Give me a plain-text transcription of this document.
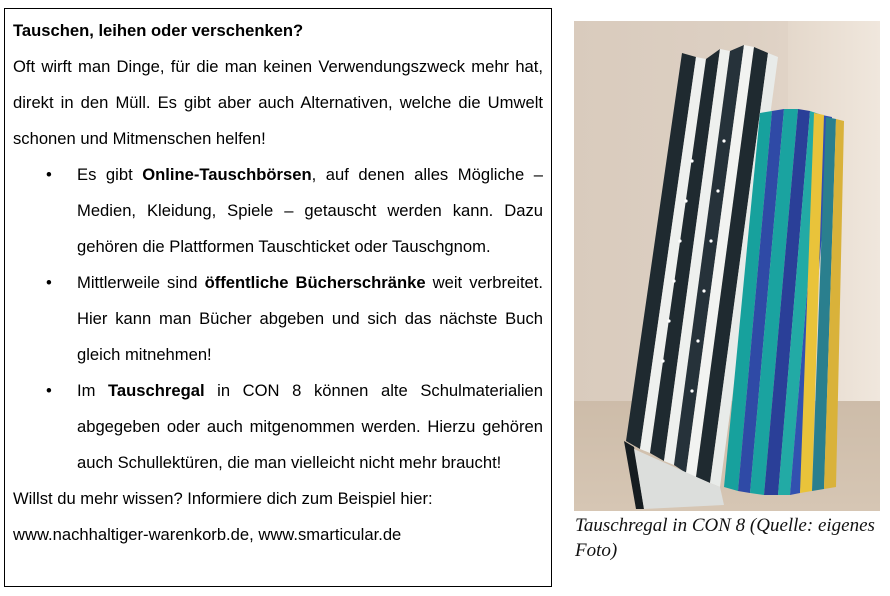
Tauschen, leihen oder verschenken?

Oft wirft man Dinge, für die man keinen Verwendungszweck mehr hat, direkt in den Müll. Es gibt aber auch Alternativen, welche die Umwelt schonen und Mitmenschen helfen!

• Es gibt Online-Tauschbörsen, auf denen alles Mögliche – Medien, Kleidung, Spiele – getauscht werden kann. Dazu gehören die Plattformen Tauschticket oder Tauschgnom.
• Mittlerweile sind öffentliche Bücherschränke weit verbreitet. Hier kann man Bücher abgeben und sich das nächste Buch gleich mitnehmen!
• Im Tauschregal in CON 8 können alte Schulmaterialien abgegeben oder auch mitgenommen werden. Hierzu gehören auch Schullektüren, die man vielleicht nicht mehr braucht!

Willst du mehr wissen? Informiere dich zum Beispiel hier:

www.nachhaltiger-warenkorb.de, www.smarticular.de	Tauschregal in CON 8 (Quelle: eigenes Foto)
